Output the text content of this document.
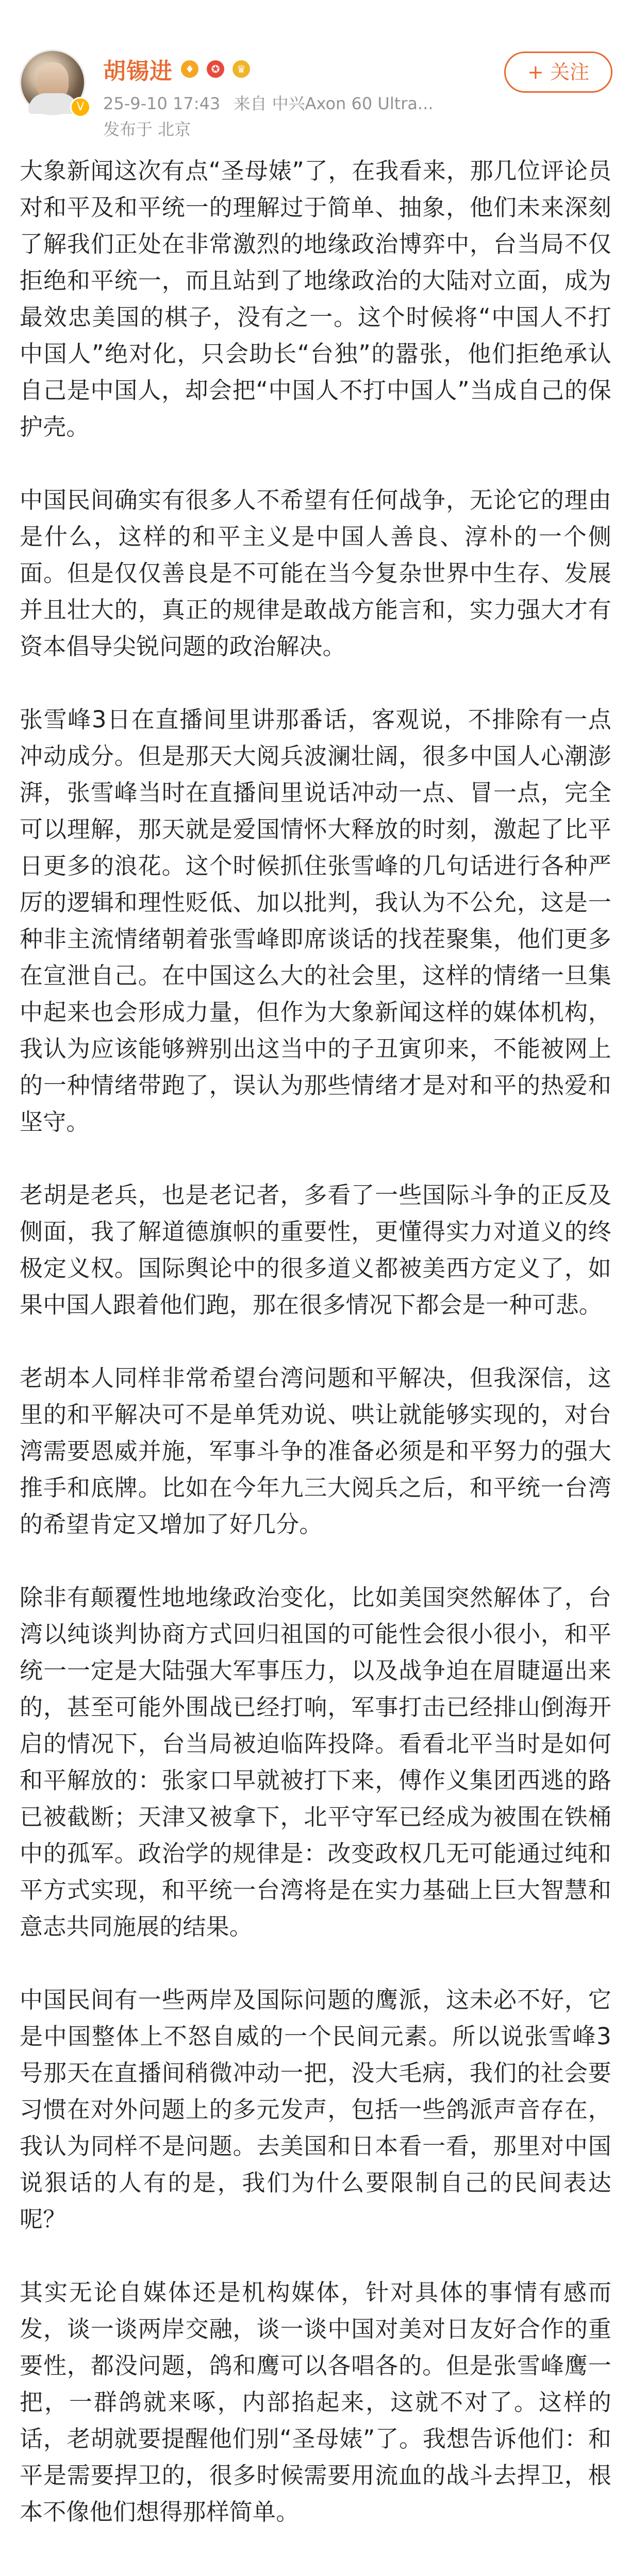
V
胡锡进	♦	✪	♛
25-9-10 17:43 来自 中兴Axon 60 Ultra...
发布于 北京
+ 关注

大象新闻这次有点“圣母婊”了，在我看来，那几位评论员对和平及和平统一的理解过于简单、抽象，他们未来深刻了解我们正处在非常激烈的地缘政治博弈中，台当局不仅拒绝和平统一，而且站到了地缘政治的大陆对立面，成为最效忠美国的棋子，没有之一。这个时候将“中国人不打中国人”绝对化，只会助长“台独”的嚣张，他们拒绝承认自己是中国人，却会把“中国人不打中国人”当成自己的保护壳。

中国民间确实有很多人不希望有任何战争，无论它的理由是什么，这样的和平主义是中国人善良、淳朴的一个侧面。但是仅仅善良是不可能在当今复杂世界中生存、发展并且壮大的，真正的规律是敢战方能言和，实力强大才有资本倡导尖锐问题的政治解决。

张雪峰3日在直播间里讲那番话，客观说，不排除有一点冲动成分。但是那天大阅兵波澜壮阔，很多中国人心潮澎湃，张雪峰当时在直播间里说话冲动一点、冒一点，完全可以理解，那天就是爱国情怀大释放的时刻，激起了比平日更多的浪花。这个时候抓住张雪峰的几句话进行各种严厉的逻辑和理性贬低、加以批判，我认为不公允，这是一种非主流情绪朝着张雪峰即席谈话的找茬聚集，他们更多在宣泄自己。在中国这么大的社会里，这样的情绪一旦集中起来也会形成力量，但作为大象新闻这样的媒体机构，我认为应该能够辨别出这当中的子丑寅卯来，不能被网上的一种情绪带跑了，误认为那些情绪才是对和平的热爱和坚守。

老胡是老兵，也是老记者，多看了一些国际斗争的正反及侧面，我了解道德旗帜的重要性，更懂得实力对道义的终极定义权。国际舆论中的很多道义都被美西方定义了，如果中国人跟着他们跑，那在很多情况下都会是一种可悲。

老胡本人同样非常希望台湾问题和平解决，但我深信，这里的和平解决可不是单凭劝说、哄让就能够实现的，对台湾需要恩威并施，军事斗争的准备必须是和平努力的强大推手和底牌。比如在今年九三大阅兵之后，和平统一台湾的希望肯定又增加了好几分。

除非有颠覆性地地缘政治变化，比如美国突然解体了，台湾以纯谈判协商方式回归祖国的可能性会很小很小，和平统一一定是大陆强大军事压力，以及战争迫在眉睫逼出来的，甚至可能外围战已经打响，军事打击已经排山倒海开启的情况下，台当局被迫临阵投降。看看北平当时是如何和平解放的：张家口早就被打下来，傅作义集团西逃的路已被截断；天津又被拿下，北平守军已经成为被围在铁桶中的孤军。政治学的规律是：改变政权几无可能通过纯和平方式实现，和平统一台湾将是在实力基础上巨大智慧和意志共同施展的结果。

中国民间有一些两岸及国际问题的鹰派，这未必不好，它是中国整体上不怒自威的一个民间元素。所以说张雪峰3号那天在直播间稍微冲动一把，没大毛病，我们的社会要习惯在对外问题上的多元发声，包括一些鸽派声音存在，我认为同样不是问题。去美国和日本看一看，那里对中国说狠话的人有的是，我们为什么要限制自己的民间表达呢？

其实无论自媒体还是机构媒体，针对具体的事情有感而发，谈一谈两岸交融，谈一谈中国对美对日友好合作的重要性，都没问题，鸽和鹰可以各唱各的。但是张雪峰鹰一把，一群鸽就来啄，内部掐起来，这就不对了。这样的话，老胡就要提醒他们别“圣母婊”了。我想告诉他们：和平是需要捍卫的，很多时候需要用流血的战斗去捍卫，根本不像他们想得那样简单。
